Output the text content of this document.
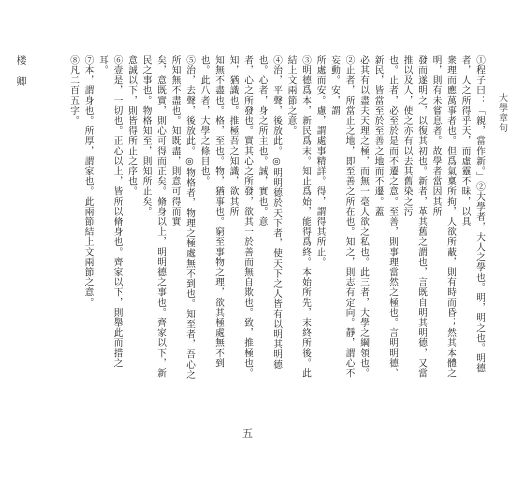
楼 卿	①程子曰：「親，當作新。」②大學者，大人之學也。明，明之也。明德者，人之所得乎天，而虛靈不昧，以具
衆理而應萬事者也。但爲氣稟所拘，人欲所蔽，則有時而昏；然其本體之明，則有未嘗息者。故學者當因其所
發而遂明之，以復其初也。新者，革其舊之謂也，言既自明其明德，又當推以及人，使之亦有以去其舊染之污
也。止者，必至於是而不遷之意。至善，則事理當然之極也。言明明德、新民，皆當至於至善之地而不遷。蓋
必其有以盡夫天理之極，而無一毫人欲之私也。此三者，大學之綱領也。
②止者，所當止之地，即至善之所在也。知之，則志有定向。靜，謂心不妄動。安，謂
所處而安。慮，謂處事精詳。得，謂得其所止。
③明德爲本，新民爲末。知止爲始，能得爲終。本始所先，末終所後。此結上文兩節之意。
④治，平聲，後放此。◎明明德於天下者，使天下之人皆有以明其明德也。心者，身之所主也。誠，實也。意
者，心之所發也。實其心之所發，欲其一於善而無自欺也。致，推極也。知，猶識也。推極吾之知識，欲其所
知無不盡也。格，至也。物，猶事也。窮至事物之理，欲其極處無不到也。此八者，大學之條目也。
⑤治，去聲，後放此。◎物格者，物理之極處無不到也。知至者，吾心之所知無不盡也。知既盡，則意可得而實
矣，意既實，則心可得而正矣。脩身以上，明明德之事也。齊家以下，新民之事也。物格知至，則知所止矣。
意誠以下，則皆得所止之序也。
⑥壹是，一切也。正心以上，皆所以脩身也。齊家以下，則舉此而措之耳。
⑦本，謂身也。所厚，謂家也。此兩節結上文兩節之意。
⑧凡二百五字。	大學章句
五
